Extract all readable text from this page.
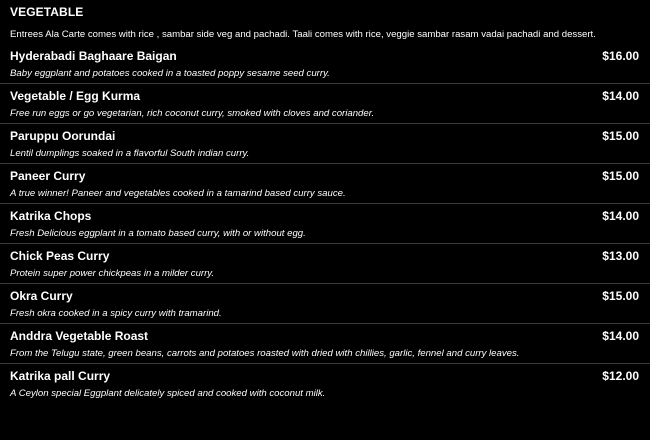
VEGETABLE
Entrees Ala Carte comes with rice , sambar side veg and pachadi. Taali comes with rice, veggie sambar rasam vadai pachadi and dessert.
Hyderabadi Baghaare Baigan	$16.00
Baby eggplant and potatoes cooked in a toasted poppy sesame seed curry.
Vegetable / Egg Kurma	$14.00
Free run eggs or go vegetarian, rich coconut curry, smoked with cloves and coriander.
Paruppu Oorundai	$15.00
Lentil dumplings soaked in a flavorful South indian curry.
Paneer Curry	$15.00
A true winner! Paneer and vegetables cooked in a tamarind based curry sauce.
Katrika Chops	$14.00
Fresh Delicious eggplant in a tomato based curry, with or without egg.
Chick Peas Curry	$13.00
Protein super power chickpeas in a milder curry.
Okra Curry	$15.00
Fresh okra cooked in a spicy curry with tramarind.
Anddra Vegetable Roast	$14.00
From the Telugu state, green beans, carrots and potatoes roasted with dried with chillies, garlic, fennel and curry leaves.
Katrika pall Curry	$12.00
A Ceylon special Eggplant delicately spiced and cooked with coconut milk.
